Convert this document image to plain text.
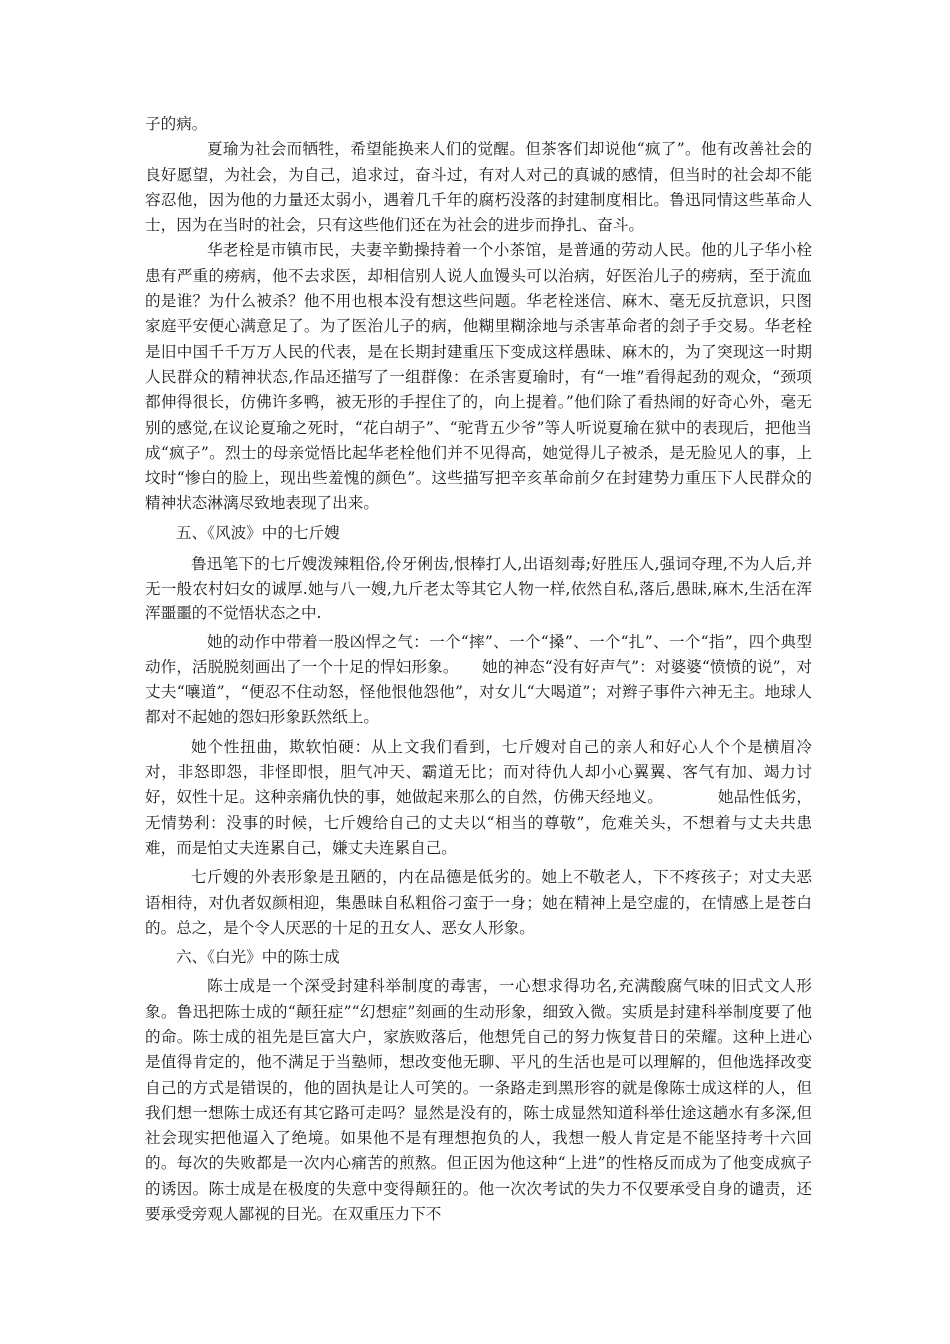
子的病。

夏瑜为社会而牺牲，希望能换来人们的觉醒。但茶客们却说他“疯了”。他有改善社会的良好愿望，为社会，为自己，追求过，奋斗过，有对人对己的真诚的感情，但当时的社会却不能容忍他，因为他的力量还太弱小，遇着几千年的腐朽没落的封建制度相比。鲁迅同情这些革命人士，因为在当时的社会，只有这些他们还在为社会的进步而挣扎、奋斗。

华老栓是市镇市民，夫妻辛勤操持着一个小茶馆，是普通的劳动人民。他的儿子华小栓患有严重的痨病，他不去求医，却相信别人说人血馒头可以治病，好医治儿子的痨病，至于流血的是谁？为什么被杀？他不用也根本没有想这些问题。华老栓迷信、麻木、毫无反抗意识，只图家庭平安便心满意足了。为了医治儿子的病，他糊里糊涂地与杀害革命者的刽子手交易。华老栓是旧中国千千万万人民的代表，是在长期封建重压下变成这样愚昧、麻木的，为了突现这一时期人民群众的精神状态,作品还描写了一组群像：在杀害夏瑜时，有“一堆”看得起劲的观众，“颈项都伸得很长，仿佛许多鸭，被无形的手捏住了的，向上提着。”他们除了看热闹的好奇心外，毫无别的感觉,在议论夏瑜之死时，“花白胡子”、“驼背五少爷”等人听说夏瑜在狱中的表现后，把他当成“疯子”。烈士的母亲觉悟比起华老栓他们并不见得高，她觉得儿子被杀，是无脸见人的事，上坟时“惨白的脸上，现出些羞愧的颜色”。这些描写把辛亥革命前夕在封建势力重压下人民群众的精神状态淋漓尽致地表现了出来。

五、《风波》中的七斤嫂

鲁迅笔下的七斤嫂泼辣粗俗,伶牙俐齿,恨棒打人,出语刻毒;好胜压人,强词夺理,不为人后,并无一般农村妇女的诚厚.她与八一嫂,九斤老太等其它人物一样,依然自私,落后,愚昧,麻木,生活在浑浑噩噩的不觉悟状态之中.

她的动作中带着一股凶悍之气：一个“摔”、一个“搡”、一个“扎”、一个“指”，四个典型动作，活脱脱刻画出了一个十足的悍妇形象。　　她的神态“没有好声气”：对婆婆“愤愤的说”，对丈夫“嚷道”，“便忍不住动怒，怪他恨他怨他”，对女儿“大喝道”；对辫子事件六神无主。地球人都对不起她的怨妇形象跃然纸上。

她个性扭曲，欺软怕硬：从上文我们看到，七斤嫂对自己的亲人和好心人个个是横眉冷对，非怒即怨，非怪即恨，胆气冲天、霸道无比；而对待仇人却小心翼翼、客气有加、竭力讨好，奴性十足。这种亲痛仇快的事，她做起来那么的自然，仿佛天经地义。　　　　她品性低劣，无情势利：没事的时候，七斤嫂给自己的丈夫以“相当的尊敬”，危难关头，不想着与丈夫共患难，而是怕丈夫连累自己，嫌丈夫连累自己。

七斤嫂的外表形象是丑陋的，内在品德是低劣的。她上不敬老人，下不疼孩子；对丈夫恶语相待，对仇者奴颜相迎，集愚昧自私粗俗刁蛮于一身；她在精神上是空虚的，在情感上是苍白的。总之，是个令人厌恶的十足的丑女人、恶女人形象。

六、《白光》中的陈士成

陈士成是一个深受封建科举制度的毒害，一心想求得功名,充满酸腐气味的旧式文人形象。鲁迅把陈士成的“颠狂症”“幻想症”刻画的生动形象，细致入微。实质是封建科举制度要了他的命。陈士成的祖先是巨富大户，家族败落后，他想凭自己的努力恢复昔日的荣耀。这种上进心是值得肯定的，他不满足于当塾师，想改变他无聊、平凡的生活也是可以理解的，但他选择改变自己的方式是错误的，他的固执是让人可笑的。一条路走到黑形容的就是像陈士成这样的人，但我们想一想陈士成还有其它路可走吗？显然是没有的，陈士成显然知道科举仕途这趟水有多深,但社会现实把他逼入了绝境。如果他不是有理想抱负的人，我想一般人肯定是不能坚持考十六回的。每次的失败都是一次内心痛苦的煎熬。但正因为他这种“上进”的性格反而成为了他变成疯子的诱因。陈士成是在极度的失意中变得颠狂的。他一次次考试的失力不仅要承受自身的谴责，还要承受旁观人鄙视的目光。在双重压力下不
